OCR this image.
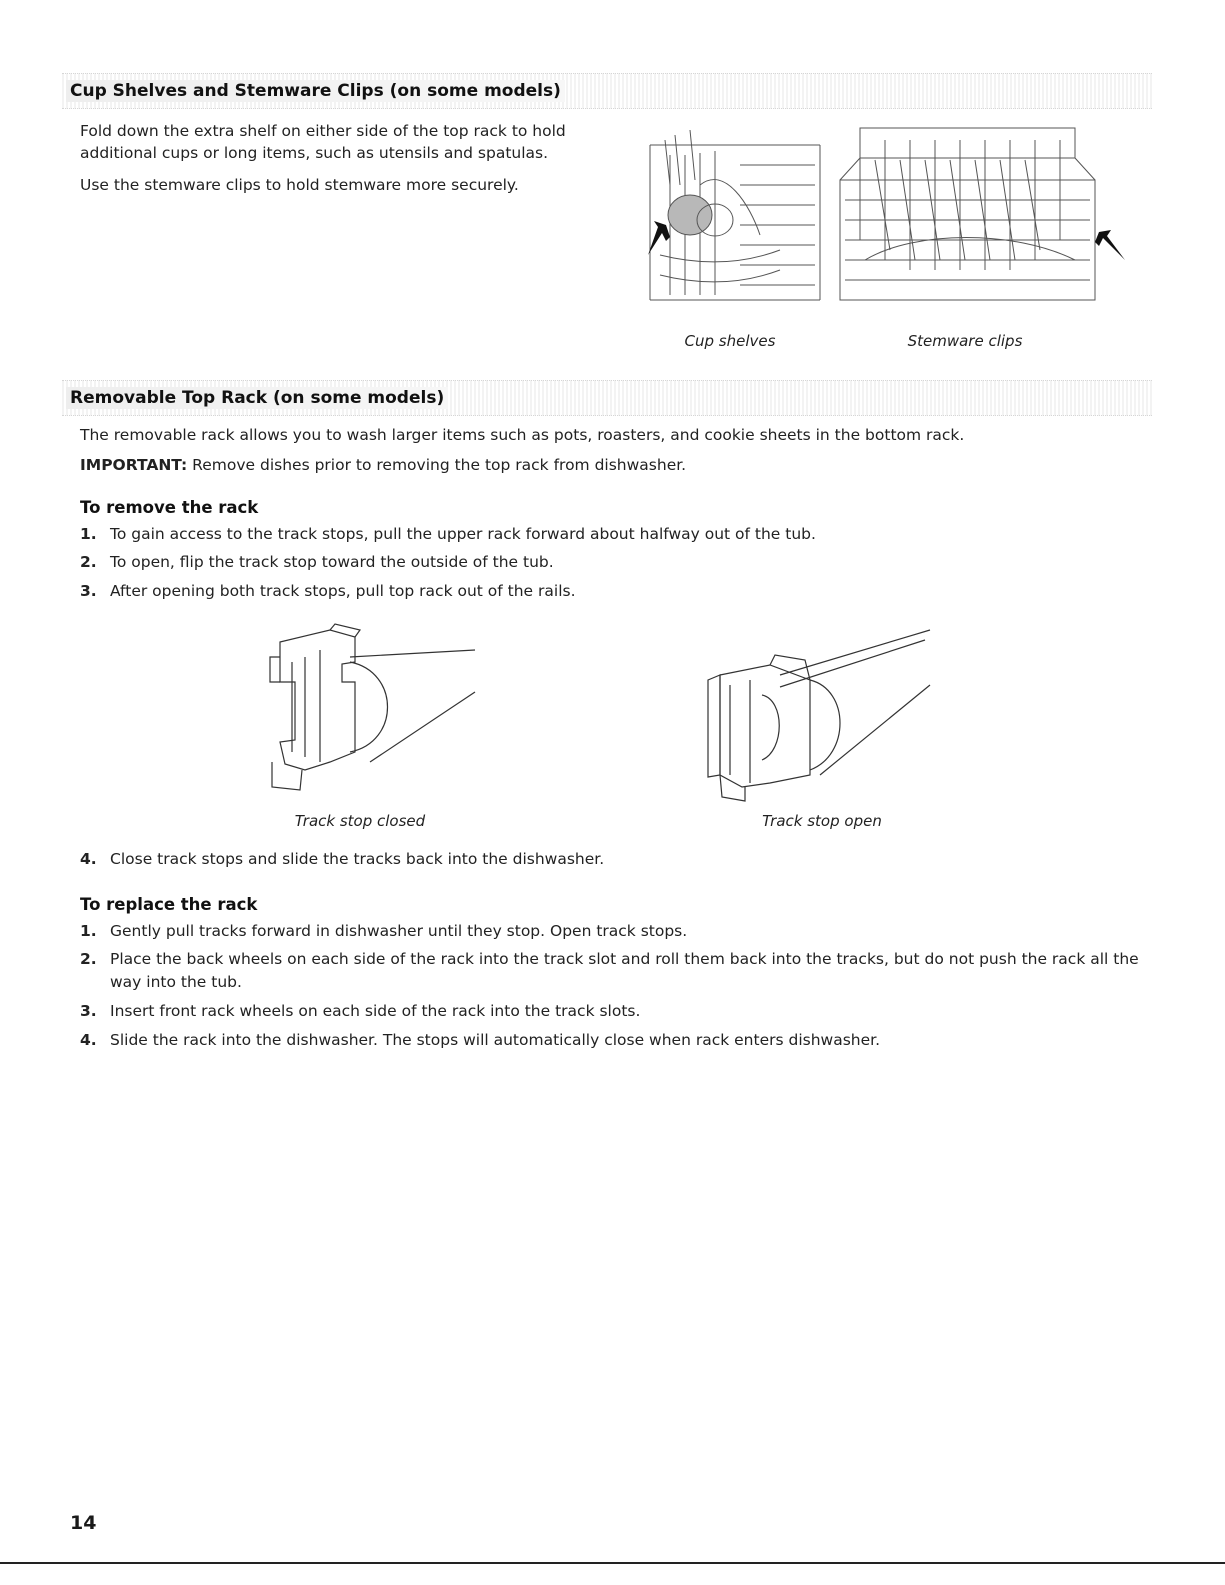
Cup Shelves and Stemware Clips (on some models)

Fold down the extra shelf on either side of the top rack to hold additional cups or long items, such as utensils and spatulas.

Use the stemware clips to hold stemware more securely.

Cup shelves	Stemware clips
Removable Top Rack (on some models)

The removable rack allows you to wash larger items such as pots, roasters, and cookie sheets in the bottom rack.

IMPORTANT: Remove dishes prior to removing the top rack from dishwasher.

To remove the rack
1. To gain access to the track stops, pull the upper rack forward about halfway out of the tub.
2. To open, flip the track stop toward the outside of the tub.
3. After opening both track stops, pull top rack out of the rails.
Track stop closed	Track stop open
4. Close track stops and slide the tracks back into the dishwasher.
To replace the rack
1. Gently pull tracks forward in dishwasher until they stop. Open track stops.
2. Place the back wheels on each side of the rack into the track slot and roll them back into the tracks, but do not push the rack all the way into the tub.
3. Insert front rack wheels on each side of the rack into the track slots.
4. Slide the rack into the dishwasher. The stops will automatically close when rack enters dishwasher.
14
